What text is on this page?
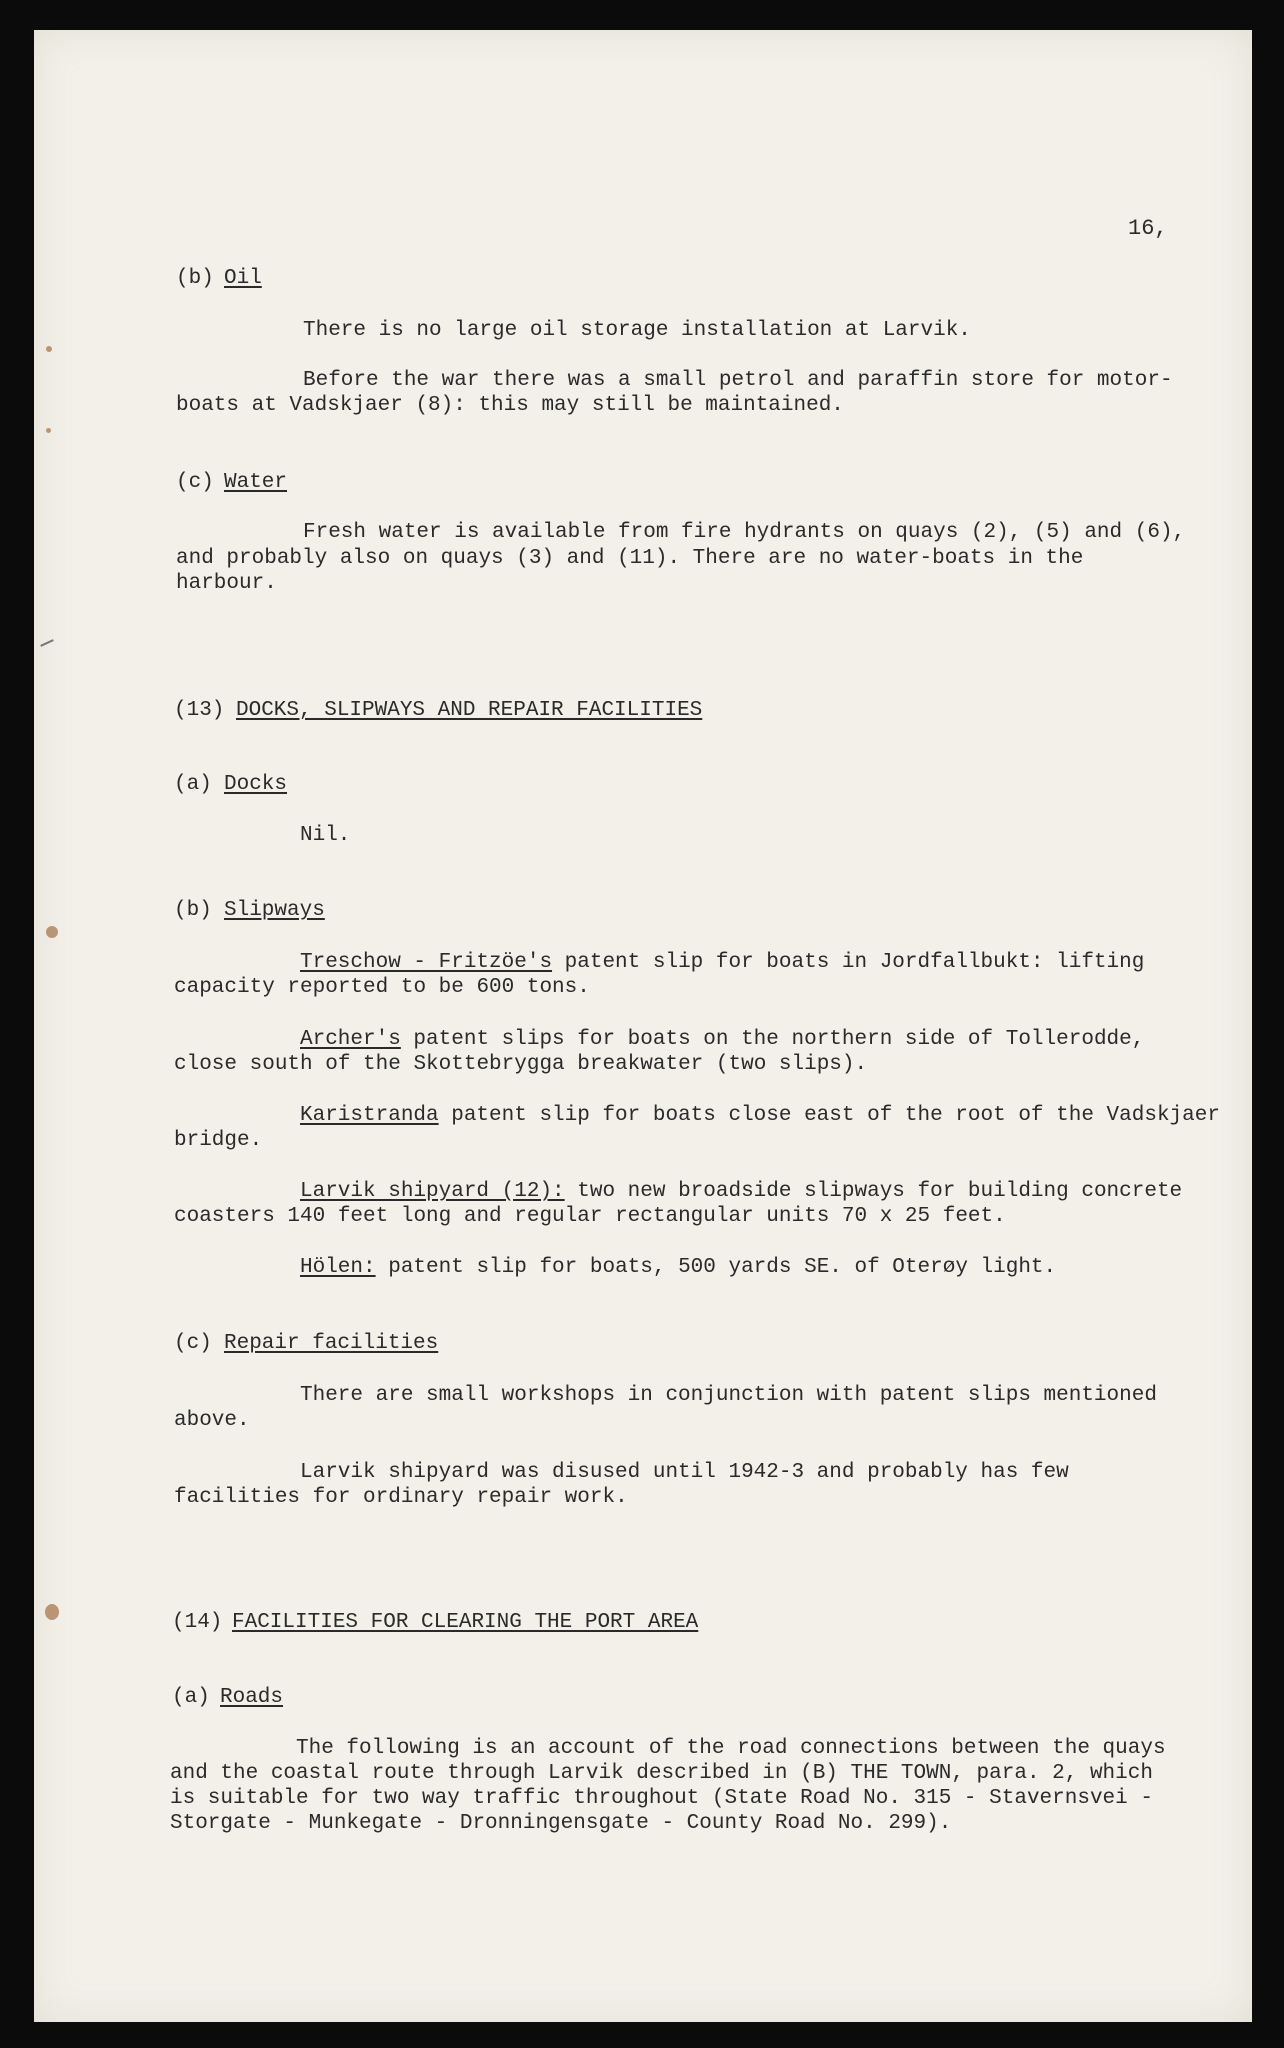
16,
(b) Oil
There is no large oil storage installation at Larvik.
Before the war there was a small petrol and paraffin store for motor-
boats at Vadskjaer (8): this may still be maintained.
(c) Water
Fresh water is available from fire hydrants on quays (2), (5) and (6),
and probably also on quays (3) and (11). There are no water-boats in the
harbour.
(13) DOCKS, SLIPWAYS AND REPAIR FACILITIES
(a) Docks
Nil.
(b) Slipways
Treschow - Fritzöe's patent slip for boats in Jordfallbukt: lifting
capacity reported to be 600 tons.
Archer's patent slips for boats on the northern side of Tollerodde,
close south of the Skottebrygga breakwater (two slips).
Karistranda patent slip for boats close east of the root of the Vadskjaer
bridge.
Larvik shipyard (12): two new broadside slipways for building concrete
coasters 140 feet long and regular rectangular units 70 x 25 feet.
Hölen: patent slip for boats, 500 yards SE. of Oterøy light.
(c) Repair facilities
There are small workshops in conjunction with patent slips mentioned
above.
Larvik shipyard was disused until 1942-3 and probably has few
facilities for ordinary repair work.
(14) FACILITIES FOR CLEARING THE PORT AREA
(a) Roads
The following is an account of the road connections between the quays
and the coastal route through Larvik described in (B) THE TOWN, para. 2, which
is suitable for two way traffic throughout (State Road No. 315 - Stavernsvei -
Storgate - Munkegate - Dronningensgate - County Road No. 299).
